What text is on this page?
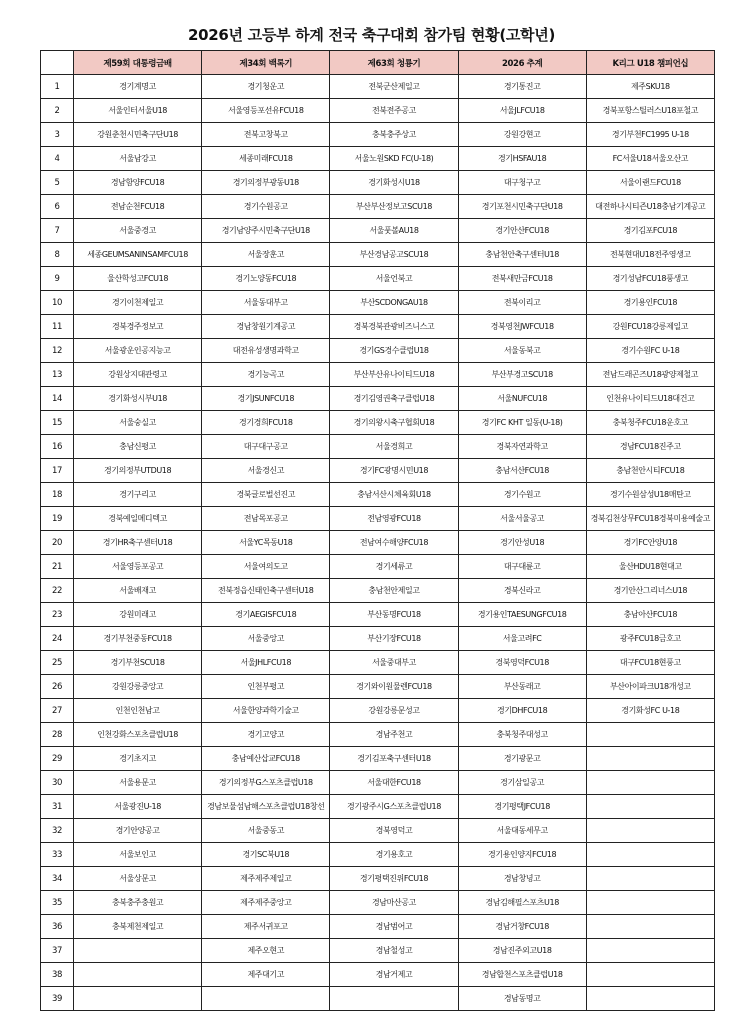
2026년 고등부 하계 전국 축구대회 참가팀 현황(고학년)
	제59회 대통령금배	제34회 백록기	제63회 청룡기	2026 추계	K리그 U18 챔피언십
1	경기계명고	경기청운고	전북군산제일고	경기통진고	제주SKU18
2	서울인터서울U18	서울영등포선유FCU18	전북전주공고	서울JLFCU18	경북포항스틸러스U18포철고
3	강원춘천시민축구단U18	전북고창북고	충북충주상고	강원강현고	경기부천FC1995 U-18
4	서울남강고	세종미래FCU18	서울노원SKD FC(U-18)	경기HSFAU18	FC서울U18서울오산고
5	경남함양FCU18	경기의정부광동U18	경기화성시U18	대구청구고	서울이랜드FCU18
6	전남순천FCU18	경기수원공고	부산부산정보고SCU18	경기포천시민축구단U18	대전하나시티즌U18충남기계공고
7	서울중경고	경기남양주시민축구단U18	서울풋볼AU18	경기안산FCU18	경기김포FCU18
8	세종GEUMSANINSAMFCU18	서울장훈고	부산경남공고SCU18	충남천안축구센터U18	전북현대U18전주영생고
9	울산학성고FCU18	경기노양동FCU18	서울언북고	전북새만금FCU18	경기성남FCU18풍생고
10	경기이천제일고	서울동대부고	부산SCDONGAU18	전북이리고	경기용인FCU18
11	경북경주정보고	경남창원기계공고	경북경북관광비즈니스고	경북영천JWFCU18	강원FCU18강릉제일고
12	서울광운인공지능고	대전유성생명과학고	경기GS경수클럽U18	서울동북고	경기수원FC U-18
13	강원상지대관령고	경기능곡고	부산부산유나이티드U18	부산부경고SCU18	전남드래곤즈U18광양제철고
14	경기화성시부U18	경기JSUNFCU18	경기김영권축구클럽U18	서울NUFCU18	인천유나이티드U18대건고
15	서울숭실고	경기경희FCU18	경기의왕시축구협회U18	경기FC KHT 일동(U-18)	충북청주FCU18운호고
16	충남신평고	대구대구공고	서울경희고	경북자연과학고	경남FCU18진주고
17	경기의정부UTDU18	서울경신고	경기FC광명시민U18	충남서산FCU18	충남천안시티FCU18
18	경기구리고	경북글로벌선진고	충남서산시체육회U18	경기수원고	경기수원삼성U18매탄고
19	경북예일메디텍고	전남목포공고	전남영광FCU18	서울서울공고	경북김천상무FCU18경북미용예술고
20	경기HR축구센터U18	서울YC목동U18	전남여수해양FCU18	경기안성U18	경기FC안양U18
21	서울영등포공고	서울여의도고	경기세류고	대구대륜고	울산HDU18현대고
22	서울배재고	전북정읍신태인축구센터U18	충남천안제일고	경북신라고	경기안산그리너스U18
23	강원미래고	경기AEGISFCU18	부산동명FCU18	경기용인TAESUNGFCU18	충남아산FCU18
24	경기부천중동FCU18	서울중앙고	부산기장FCU18	서울고려FC	광주FCU18금호고
25	경기부천SCU18	서울JHLFCU18	서울중대부고	경북영덕FCU18	대구FCU18현풍고
26	강원강릉중앙고	인천부평고	경기와이원물렌FCU18	부산동래고	부산아이파크U18개성고
27	인천인천남고	서울한양과학기술고	강원강릉문성고	경기DHFCU18	경기화성FC U-18
28	인천강화스포츠클럽U18	경기고양고	경남주천고	충북청주대성고	
29	경기초지고	충남예산삽교FCU18	경기김포축구센터U18	경기광문고	
30	서울용문고	경기의정부G스포츠클럽U18	서울대한FCU18	경기삼일공고	
31	서울광진U-18	경남보물섬남해스포츠클럽U18창선	경기광주시G스포츠클럽U18	경기평택JFCU18	
32	경기안양공고	서울중동고	경북영덕고	서울대동세무고	
33	서울보인고	경기SC북U18	경기용호고	경기용인양지FCU18	
34	서울상문고	제주제주제일고	경기평택진위FCU18	경남창녕고	
35	충북충주충원고	제주제주중앙고	경남마산공고	경남김해필스포츠U18	
36	충북제천제일고	제주서귀포고	경남범어고	경남거창FCU18	
37		제주오현고	경남철성고	경남진주외고U18	
38		제주대기고	경남거제고	경남합천스포츠클럽U18	
39				경남동명고	
